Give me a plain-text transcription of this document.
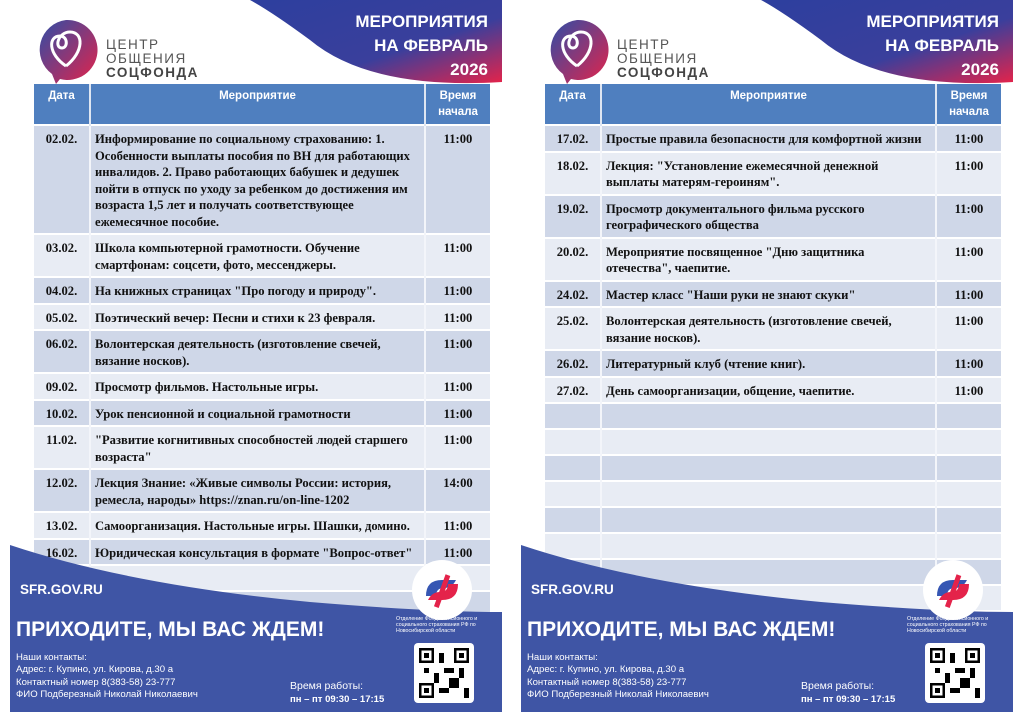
ЦЕНТР
ОБЩЕНИЯ
СОЦФОНДА
МЕРОПРИЯТИЯ
НА ФЕВРАЛЬ
2026
Дата	Мероприятие	Время
начала
02.02.	Информирование по социальному страхованию: 1. Особенности выплаты пособия по ВН для работающих инвалидов. 2. Право работающих бабушек и дедушек пойти в отпуск по уходу за ребенком до достижения им возраста 1,5 лет и получать соответствующее ежемесячное пособие.	11:00
03.02.	Школа компьютерной грамотности. Обучение смартфонам: соцсети, фото, мессенджеры.	11:00
04.02.	На книжных страницах "Про погоду и природу".	11:00
05.02.	Поэтический вечер: Песни и стихи к 23 февраля.	11:00
06.02.	Волонтерская деятельность (изготовление свечей, вязание носков).	11:00
09.02.	Просмотр фильмов. Настольные игры.	11:00
10.02.	Урок пенсионной и социальной грамотности	11:00
11.02.	"Развитие когнитивных способностей людей старшего возраста"	11:00
12.02.	Лекция Знание: «Живые символы России: история, ремесла, народы» https://znan.ru/on-line-1202	14:00
13.02.	Самоорганизация. Настольные игры. Шашки, домино.	11:00
16.02.	Юридическая консультация в формате "Вопрос-ответ"	11:00

SFR.GOV.RU
ПРИХОДИТЕ, МЫ ВАС ЖДЕМ!
Наши контакты:
Адрес: г. Купино, ул. Кирова, д.30 а
Контактный номер 8(383-58) 23-777
ФИО Подберезный Николай Николаевич
Время работы:
пн – пт 09:30 – 17:15
Отделение Фонда пенсионного и социального страхования РФ по Новосибирской области
ЦЕНТР
ОБЩЕНИЯ
СОЦФОНДА
МЕРОПРИЯТИЯ
НА ФЕВРАЛЬ
2026
Дата	Мероприятие	Время
начала
17.02.	Простые правила безопасности для комфортной жизни	11:00
18.02.	Лекция: "Установление ежемесячной денежной выплаты матерям-героиням".	11:00
19.02.	Просмотр документального фильма русского географического общества	11:00
20.02.	Мероприятие посвященное "Дню защитника отечества", чаепитие.	11:00
24.02.	Мастер класс "Наши руки не знают скуки"	11:00
25.02.	Волонтерская деятельность (изготовление свечей, вязание носков).	11:00
26.02.	Литературный клуб (чтение книг).	11:00
27.02.	День самоорганизации, общение, чаепитие.	11:00

SFR.GOV.RU
ПРИХОДИТЕ, МЫ ВАС ЖДЕМ!
Наши контакты:
Адрес: г. Купино, ул. Кирова, д.30 а
Контактный номер 8(383-58) 23-777
ФИО Подберезный Николай Николаевич
Время работы:
пн – пт 09:30 – 17:15
Отделение Фонда пенсионного и социального страхования РФ по Новосибирской области
